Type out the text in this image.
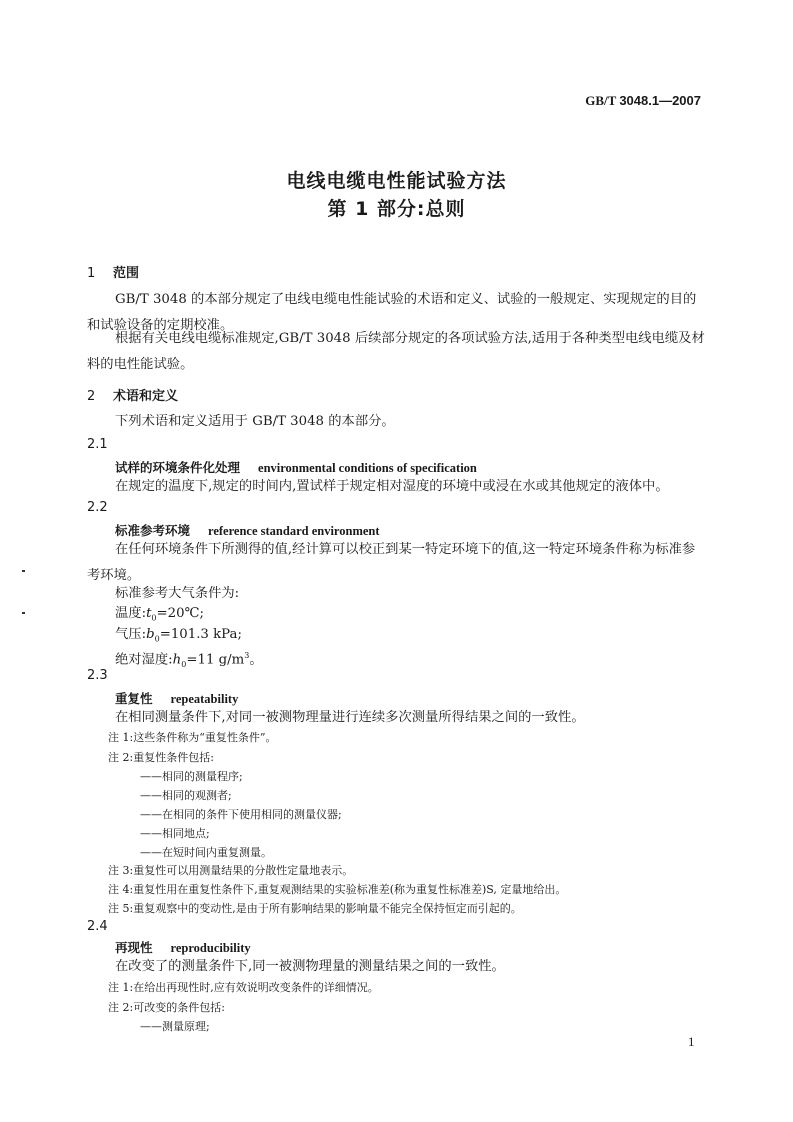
GB/T 3048.1—2007
电线电缆电性能试验方法
第 1 部分:总则
1 范围
GB/T 3048 的本部分规定了电线电缆电性能试验的术语和定义、试验的一般规定、实现规定的目的和试验设备的定期校准。
根据有关电线电缆标准规定,GB/T 3048 后续部分规定的各项试验方法,适用于各种类型电线电缆及材料的电性能试验。
2 术语和定义
下列术语和定义适用于 GB/T 3048 的本部分。
2.1
试样的环境条件化处理 environmental conditions of specification
在规定的温度下,规定的时间内,置试样于规定相对湿度的环境中或浸在水或其他规定的液体中。
2.2
标准参考环境 reference standard environment
在任何环境条件下所测得的值,经计算可以校正到某一特定环境下的值,这一特定环境条件称为标准参考环境。
标准参考大气条件为:
温度$:t_0=20℃$;
气压$:b_0=101.3$ kPa;
绝对湿度$:h_0=11$ $g/m^3$。
2.3
重复性 repeatability
在相同测量条件下,对同一被测物理量进行连续多次测量所得结果之间的一致性。
注 1:这些条件称为“重复性条件”。
注 2:重复性条件包括:
——相同的测量程序;
——相同的观测者;
——在相同的条件下使用相同的测量仪器;
——相同地点;
——在短时间内重复测量。
注 3:重复性可以用测量结果的分散性定量地表示。
注 4:重复性用在重复性条件下,重复观测结果的实验标准差(称为重复性标准差)S, 定量地给出。
注 5:重复观察中的变动性,是由于所有影响结果的影响量不能完全保持恒定而引起的。
2.4
再现性 reproducibility
在改变了的测量条件下,同一被测物理量的测量结果之间的一致性。
注 1:在给出再现性时,应有效说明改变条件的详细情况。
注 2:可改变的条件包括:
——测量原理;
1
